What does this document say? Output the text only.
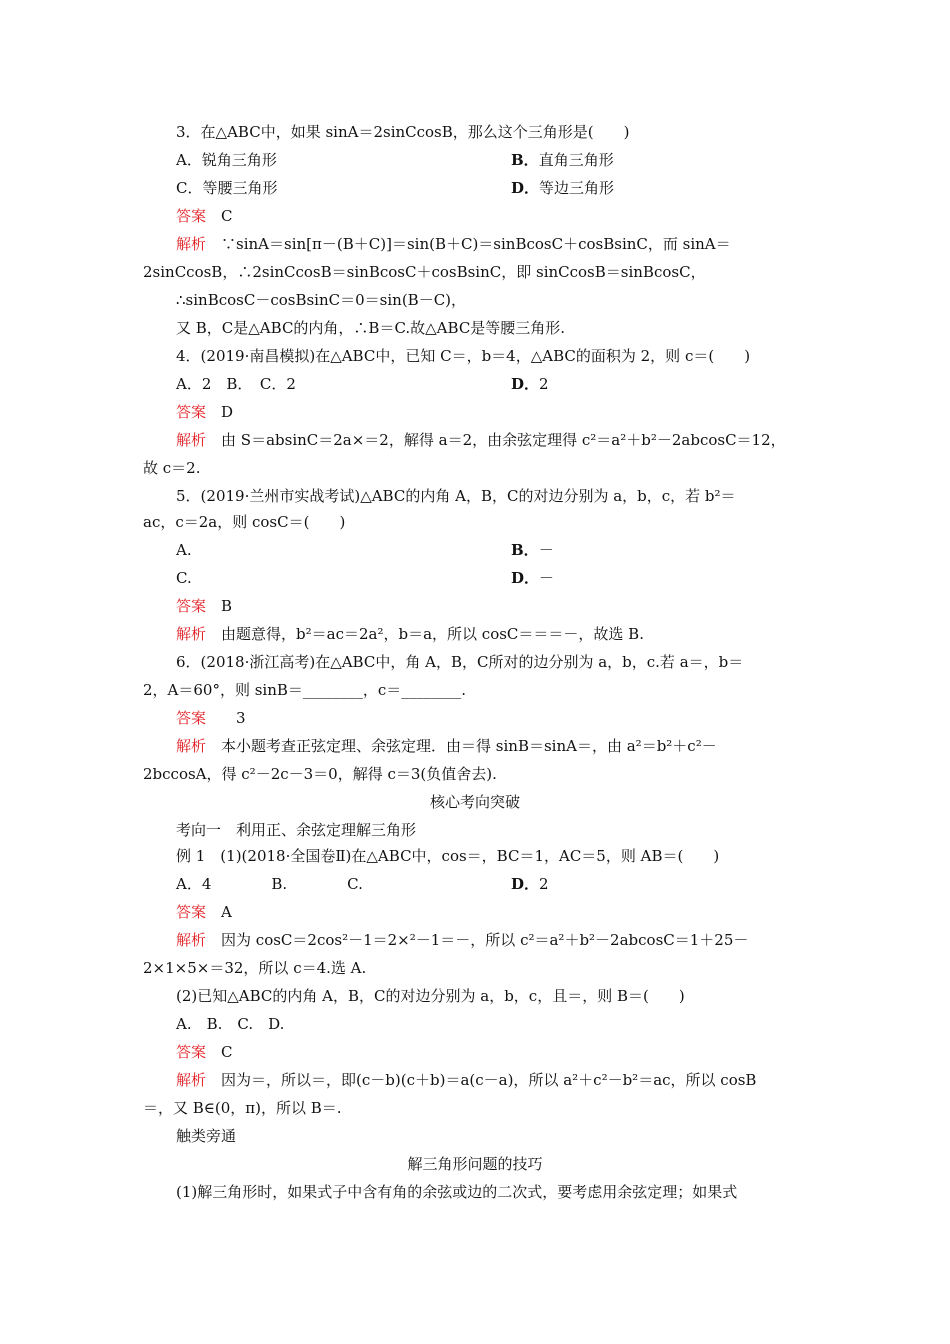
3．在△ABC中，如果 sinA＝2sinCcosB，那么这个三角形是(　　)
A．锐角三角形	B．直角三角形
C．等腰三角形	D．等边三角形
答案　 C
解析　 ∵sinA＝sin[π－(B＋C)]＝sin(B＋C)＝sinBcosC＋cosBsinC，而 sinA＝
2sinCcosB，∴2sinCcosB＝sinBcosC＋cosBsinC，即 sinCcosB＝sinBcosC，
∴sinBcosC－cosBsinC＝0＝sin(B－C)，
又 B，C是△ABC的内角，∴B＝C.故△ABC是等腰三角形.
4．(2019·南昌模拟)在△ABC中，已知 C＝，b＝4，△ABC的面积为 2，则 c＝(　　)
A．2　B．　C．2	D．2
答案　 D
解析　 由 S＝absinC＝2a×＝2，解得 a＝2，由余弦定理得 c²＝a²＋b²－2abcosC＝12，
故 c＝2.
5．(2019·兰州市实战考试)△ABC的内角 A，B，C的对边分别为 a，b，c，若 b²＝
ac，c＝2a，则 cosC＝(　　)
A.	B．－
C.	D．－
答案　 B
解析　 由题意得，b²＝ac＝2a²，b＝a，所以 cosC＝＝＝－，故选 B.
6．(2018·浙江高考)在△ABC中，角 A，B，C所对的边分别为 a，b，c.若 a＝，b＝
2，A＝60°，则 sinB＝________，c＝________.
答案　　 3
解析　 本小题考查正弦定理、余弦定理．由＝得 sinB＝sinA＝，由 a²＝b²＋c²－
2bccosA，得 c²－2c－3＝0，解得 c＝3(负值舍去).
核心考向突破
考向一　利用正、余弦定理解三角形
例 1　(1)(2018·全国卷Ⅱ)在△ABC中，cos＝，BC＝1，AC＝5，则 AB＝(　　)
A．4　　　　B.　　　　C.	D．2
答案　 A
解析　 因为 cosC＝2cos²－1＝2×²－1＝－，所以 c²＝a²＋b²－2abcosC＝1＋25－
2×1×5×＝32，所以 c＝4.选 A.
(2)已知△ABC的内角 A，B，C的对边分别为 a，b，c，且＝，则 B＝(　　)
A.　B.　C.　D.
答案　 C
解析　 因为＝，所以＝，即(c－b)(c＋b)＝a(c－a)，所以 a²＋c²－b²＝ac，所以 cosB
＝，又 B∈(0，π)，所以 B＝.
触类旁通
解三角形问题的技巧
(1)解三角形时，如果式子中含有角的余弦或边的二次式，要考虑用余弦定理；如果式
